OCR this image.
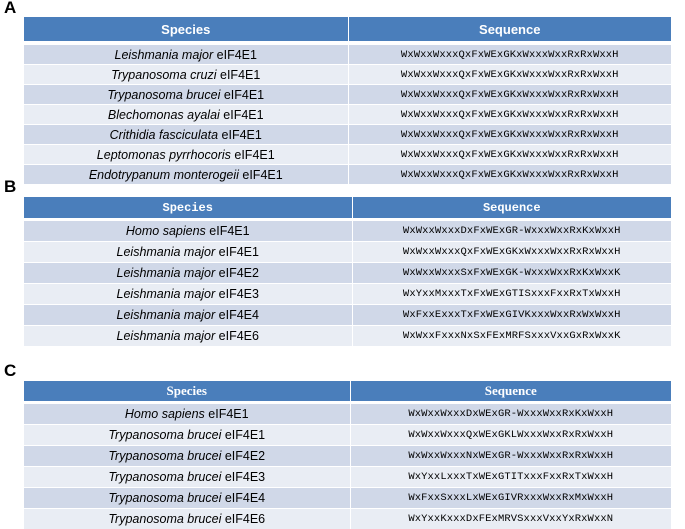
A
Species	Sequence
Leishmania major eIF4E1	WxWxxWxxxQxFxWExGKxWxxxWxxRxRxWxxH
Trypanosoma cruzi eIF4E1	WxWxxWxxxQxFxWExGKxWxxxWxxRxRxWxxH
Trypanosoma brucei eIF4E1	WxWxxWxxxQxFxWExGKxWxxxWxxRxRxWxxH
Blechomonas ayalai eIF4E1	WxWxxWxxxQxFxWExGKxWxxxWxxRxRxWxxH
Crithidia fasciculata eIF4E1	WxWxxWxxxQxFxWExGKxWxxxWxxRxRxWxxH
Leptomonas pyrrhocoris eIF4E1	WxWxxWxxxQxFxWExGKxWxxxWxxRxRxWxxH
Endotrypanum monterogeii eIF4E1	WxWxxWxxxQxFxWExGKxWxxxWxxRxRxWxxH
B
Species	Sequence
Homo sapiens eIF4E1	WxWxxWxxxDxFxWExGR-WxxxWxxRxKxWxxH
Leishmania major eIF4E1	WxWxxWxxxQxFxWExGKxWxxxWxxRxRxWxxH
Leishmania major eIF4E2	WxWxxWxxxSxFxWExGK-WxxxWxxRxKxWxxK
Leishmania major eIF4E3	WxYxxMxxxTxFxWExGTISxxxFxxRxTxWxxH
Leishmania major eIF4E4	WxFxxExxxTxFxWExGIVKxxxWxxRxWxWxxH
Leishmania major eIF4E6	WxWxxFxxxNxSxFExMRFSxxxVxxGxRxWxxK
C
Species	Sequence
Homo sapiens eIF4E1	WxWxxWxxxDxWExGR-WxxxWxxRxKxWxxH
Trypanosoma brucei eIF4E1	WxWxxWxxxQxWExGKLWxxxWxxRxRxWxxH
Trypanosoma brucei eIF4E2	WxWxxWxxxNxWExGR-WxxxWxxRxRxWxxH
Trypanosoma brucei eIF4E3	WxYxxLxxxTxWExGTITxxxFxxRxTxWxxH
Trypanosoma brucei eIF4E4	WxFxxSxxxLxWExGIVRxxxWxxRxMxWxxH
Trypanosoma brucei eIF4E6	WxYxxKxxxDxFExMRVSxxxVxxYxRxWxxN
